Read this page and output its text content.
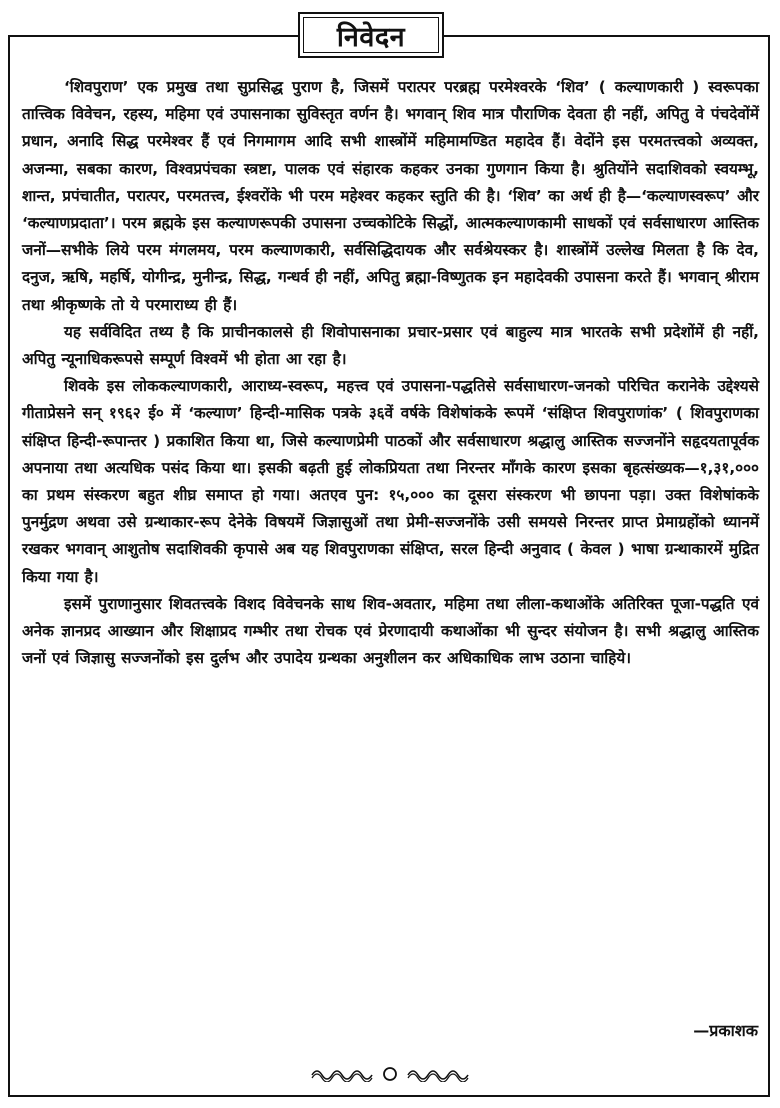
निवेदन

‘शिवपुराण’ एक प्रमुख तथा सुप्रसिद्ध पुराण है, जिसमें परात्पर परब्रह्म परमेश्वरके ‘शिव’ ( कल्याणकारी ) स्वरूपका तात्त्विक विवेचन, रहस्य, महिमा एवं उपासनाका सुविस्तृत वर्णन है। भगवान् शिव मात्र पौराणिक देवता ही नहीं, अपितु वे पंचदेवोंमें प्रधान, अनादि सिद्ध परमेश्वर हैं एवं निगमागम आदि सभी शास्त्रोंमें महिमामण्डित महादेव हैं। वेदोंने इस परमतत्त्वको अव्यक्त, अजन्मा, सबका कारण, विश्वप्रपंचका स्त्रष्टा, पालक एवं संहारक कहकर उनका गुणगान किया है। श्रुतियोंने सदाशिवको स्वयम्भू, शान्त, प्रपंचातीत, परात्पर, परमतत्त्व, ईश्वरोंके भी परम महेश्वर कहकर स्तुति की है। ‘शिव’ का अर्थ ही है—‘कल्याणस्वरूप’ और ‘कल्याणप्रदाता’। परम ब्रह्मके इस कल्याणरूपकी उपासना उच्चकोटिके सिद्धों, आत्मकल्याणकामी साधकों एवं सर्वसाधारण आस्तिक जनों—सभीके लिये परम मंगलमय, परम कल्याणकारी, सर्वसिद्धिदायक और सर्वश्रेयस्कर है। शास्त्रोंमें उल्लेख मिलता है कि देव, दनुज, ऋषि, महर्षि, योगीन्द्र, मुनीन्द्र, सिद्ध, गन्धर्व ही नहीं, अपितु ब्रह्मा-विष्णुतक इन महादेवकी उपासना करते हैं। भगवान् श्रीराम तथा श्रीकृष्णके तो ये परमाराध्य ही हैं।

यह सर्वविदित तथ्य है कि प्राचीनकालसे ही शिवोपासनाका प्रचार-प्रसार एवं बाहुल्य मात्र भारतके सभी प्रदेशोंमें ही नहीं, अपितु न्यूनाधिकरूपसे सम्पूर्ण विश्वमें भी होता आ रहा है।

शिवके इस लोककल्याणकारी, आराध्य-स्वरूप, महत्त्व एवं उपासना-पद्धतिसे सर्वसाधारण-जनको परिचित करानेके उद्देश्यसे गीताप्रेसने सन् १९६२ ई० में ‘कल्याण’ हिन्दी-मासिक पत्रके ३६वें वर्षके विशेषांकके रूपमें ‘संक्षिप्त शिवपुराणांक’ ( शिवपुराणका संक्षिप्त हिन्दी-रूपान्तर ) प्रकाशित किया था, जिसे कल्याणप्रेमी पाठकों और सर्वसाधारण श्रद्धालु आस्तिक सज्जनोंने सहृदयतापूर्वक अपनाया तथा अत्यधिक पसंद किया था। इसकी बढ़ती हुई लोकप्रियता तथा निरन्तर माँगके कारण इसका बृहत्संख्यक—१,३१,००० का प्रथम संस्करण बहुत शीघ्र समाप्त हो गया। अतएव पुन: १५,००० का दूसरा संस्करण भी छापना पड़ा। उक्त विशेषांकके पुनर्मुद्रण अथवा उसे ग्रन्थाकार-रूप देनेके विषयमें जिज्ञासुओं तथा प्रेमी-सज्जनोंके उसी समयसे निरन्तर प्राप्त प्रेमाग्रहोंको ध्यानमें रखकर भगवान् आशुतोष सदाशिवकी कृपासे अब यह शिवपुराणका संक्षिप्त, सरल हिन्दी अनुवाद ( केवल ) भाषा ग्रन्थाकारमें मुद्रित किया गया है।

इसमें पुराणानुसार शिवतत्त्वके विशद विवेचनके साथ शिव-अवतार, महिमा तथा लीला-कथाओंके अतिरिक्त पूजा-पद्धति एवं अनेक ज्ञानप्रद आख्यान और शिक्षाप्रद गम्भीर तथा रोचक एवं प्रेरणादायी कथाओंका भी सुन्दर संयोजन है। सभी श्रद्धालु आस्तिक जनों एवं जिज्ञासु सज्जनोंको इस दुर्लभ और उपादेय ग्रन्थका अनुशीलन कर अधिकाधिक लाभ उठाना चाहिये।

—प्रकाशक
